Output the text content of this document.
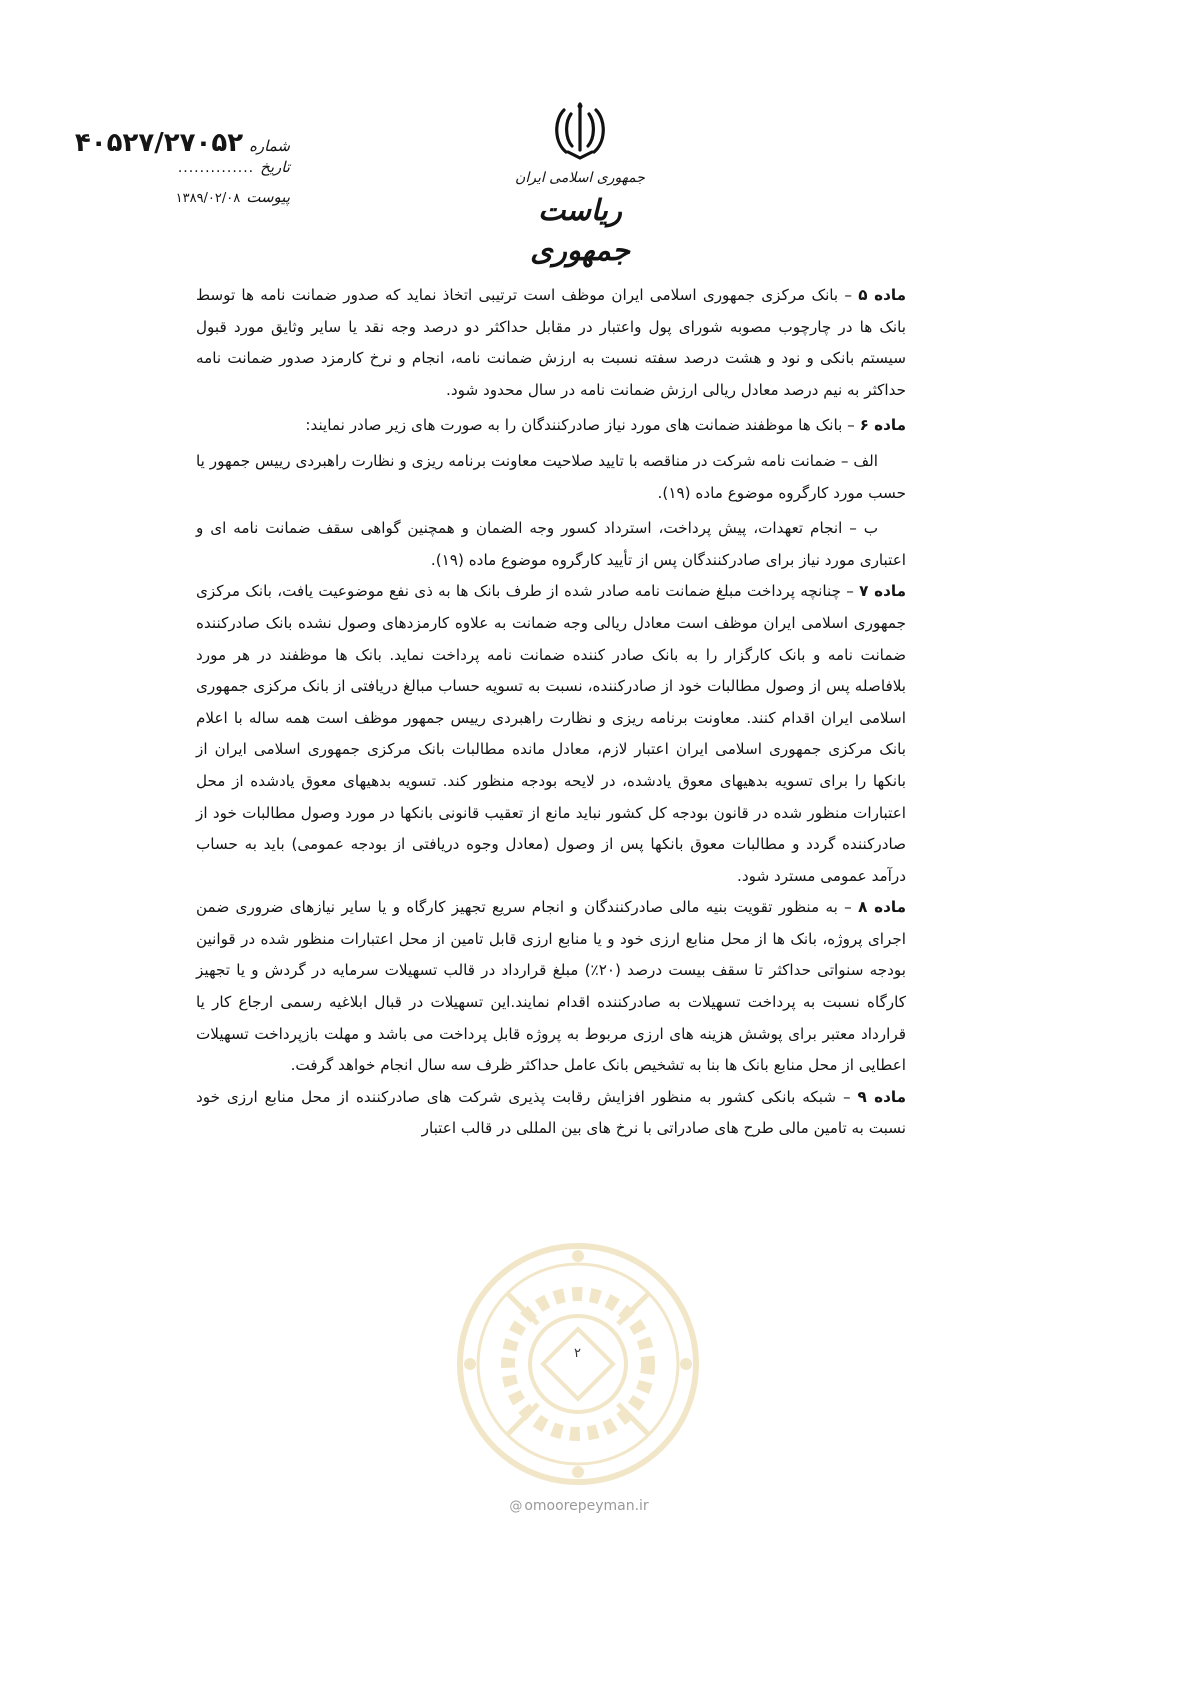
جمهوری اسلامی ایران

ریاست جمهوری

شماره
۴۰۵۲۷/۲۷۰۵۲
تاریخ
..............
پیوست
۱۳۸۹/۰۲/۰۸

ماده ۵ – بانک مرکزی جمهوری اسلامی ایران موظف است ترتیبی اتخاذ نماید که صدور ضمانت نامه ها توسط بانک ها در چارچوب مصوبه شورای پول واعتبار در مقابل حداکثر دو درصد وجه نقد یا سایر وثایق مورد قبول سیستم بانکی و نود و هشت درصد سفته نسبت به ارزش ضمانت نامه، انجام و نرخ کارمزد صدور ضمانت نامه حداکثر به نیم درصد معادل ریالی ارزش ضمانت نامه در سال محدود شود.

ماده ۶ – بانک ها موظفند ضمانت های مورد نیاز صادرکنندگان را به صورت های زیر صادر نمایند:

الف – ضمانت نامه شرکت در مناقصه با تایید صلاحیت معاونت برنامه ریزی و نظارت راهبردی رییس جمهور یا حسب مورد کارگروه موضوع ماده (۱۹).

ب – انجام تعهدات، پیش پرداخت، استرداد کسور وجه الضمان و همچنین گواهی سقف ضمانت نامه ای و اعتباری مورد نیاز برای صادرکنندگان پس از تأیید کارگروه موضوع ماده (۱۹).

ماده ۷ – چنانچه پرداخت مبلغ ضمانت نامه صادر شده از طرف بانک ها به ذی نفع موضوعیت یافت، بانک مرکزی جمهوری اسلامی ایران موظف است معادل ریالی وجه ضمانت به علاوه کارمزدهای وصول نشده بانک صادرکننده ضمانت نامه و بانک کارگزار را به بانک صادر کننده ضمانت نامه پرداخت نماید. بانک ها موظفند در هر مورد بلافاصله پس از وصول مطالبات خود از صادرکننده، نسبت به تسویه حساب مبالغ دریافتی از بانک مرکزی جمهوری اسلامی ایران اقدام کنند. معاونت برنامه ریزی و نظارت راهبردی رییس جمهور موظف است همه ساله با اعلام بانک مرکزی جمهوری اسلامی ایران اعتبار لازم، معادل مانده مطالبات بانک مرکزی جمهوری اسلامی ایران از بانکها را برای تسویه بدهیهای معوق یادشده، در لایحه بودجه منظور کند. تسویه بدهیهای معوق یادشده از محل اعتبارات منظور شده در قانون بودجه کل کشور نباید مانع از تعقیب قانونی بانکها در مورد وصول مطالبات خود از صادرکننده گردد و مطالبات معوق بانکها پس از وصول (معادل وجوه دریافتی از بودجه عمومی) باید به حساب درآمد عمومی مسترد شود.

ماده ۸ – به منظور تقویت بنیه مالی صادرکنندگان و انجام سریع تجهیز کارگاه و یا سایر نیازهای ضروری ضمن اجرای پروژه، بانک ها از محل منابع ارزی خود و یا منابع ارزی قابل تامین از محل اعتبارات منظور شده در قوانین بودجه سنواتی حداکثر تا سقف بیست درصد (۲۰٪) مبلغ قرارداد در قالب تسهیلات سرمایه در گردش و یا تجهیز کارگاه نسبت به پرداخت تسهیلات به صادرکننده اقدام نمایند.این تسهیلات در قبال ابلاغیه رسمی ارجاع کار یا قرارداد معتبر برای پوشش هزینه های ارزی مربوط به پروژه قابل پرداخت می باشد و مهلت بازپرداخت تسهیلات اعطایی از محل منابع بانک ها بنا به تشخیص بانک عامل حداکثر ظرف سه سال انجام خواهد گرفت.

ماده ۹ – شبکه بانکی کشور به منظور افزایش رقابت پذیری شرکت های صادرکننده از محل منابع ارزی خود نسبت به تامین مالی طرح های صادراتی با نرخ های بین المللی در قالب اعتبار

۲
@ omoorepeyman.ir
